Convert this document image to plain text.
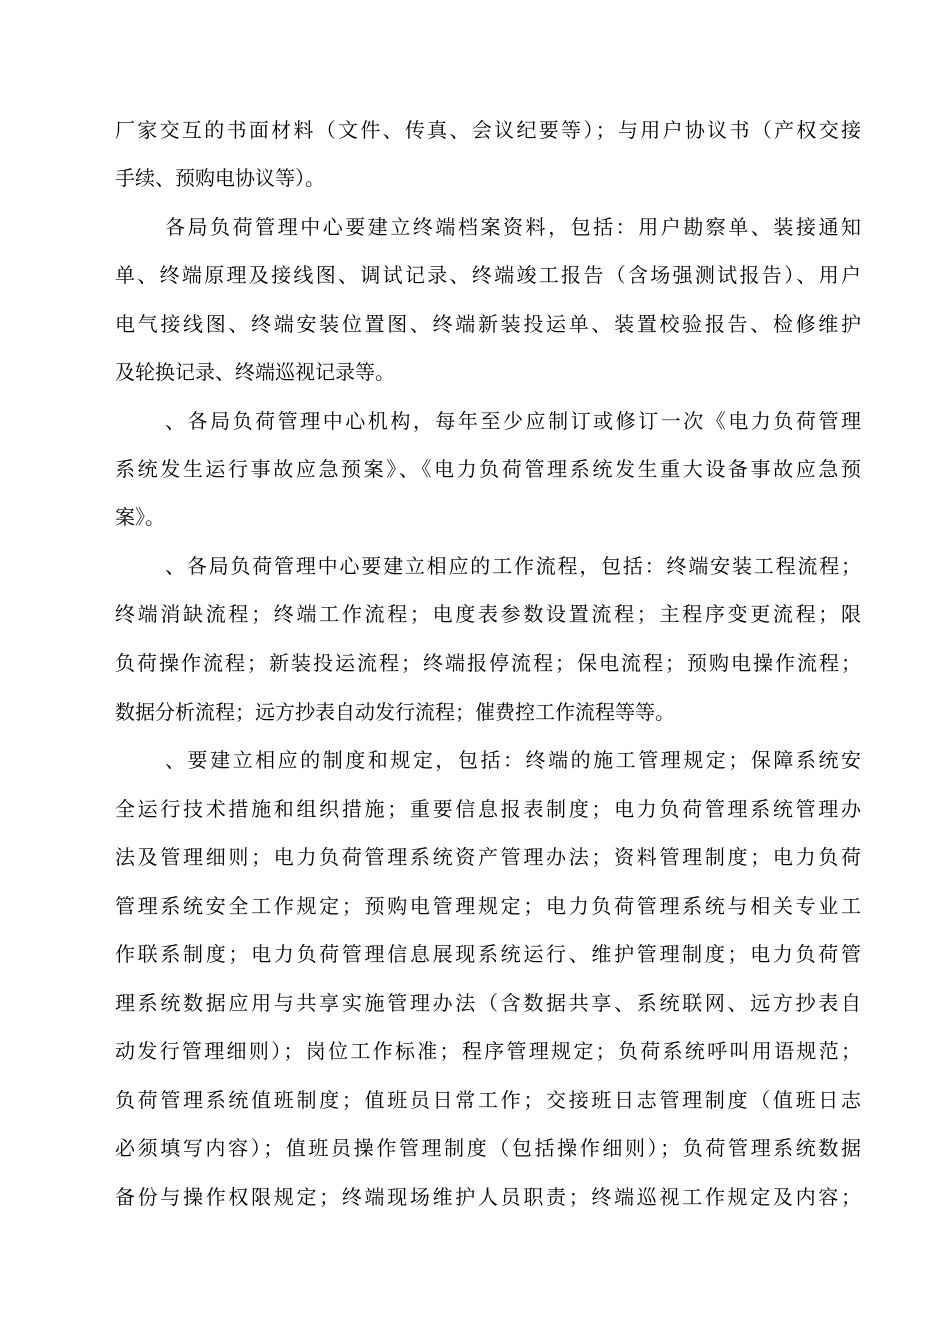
厂家交互的书面材料（文件、传真、会议纪要等）；与用户协议书（产权交接
手续、预购电协议等）。
各局负荷管理中心要建立终端档案资料，包括：用户勘察单、装接通知
单、终端原理及接线图、调试记录、终端竣工报告（含场强测试报告）、用户
电气接线图、终端安装位置图、终端新装投运单、装置校验报告、检修维护
及轮换记录、终端巡视记录等。
、各局负荷管理中心机构，每年至少应制订或修订一次《电力负荷管理
系统发生运行事故应急预案》、《电力负荷管理系统发生重大设备事故应急预
案》。
、各局负荷管理中心要建立相应的工作流程，包括：终端安装工程流程；
终端消缺流程；终端工作流程；电度表参数设置流程；主程序变更流程；限
负荷操作流程；新装投运流程；终端报停流程；保电流程；预购电操作流程；
数据分析流程；远方抄表自动发行流程；催费控工作流程等等。
、要建立相应的制度和规定，包括：终端的施工管理规定；保障系统安
全运行技术措施和组织措施；重要信息报表制度；电力负荷管理系统管理办
法及管理细则；电力负荷管理系统资产管理办法；资料管理制度；电力负荷
管理系统安全工作规定；预购电管理规定；电力负荷管理系统与相关专业工
作联系制度；电力负荷管理信息展现系统运行、维护管理制度；电力负荷管
理系统数据应用与共享实施管理办法（含数据共享、系统联网、远方抄表自
动发行管理细则）；岗位工作标准；程序管理规定；负荷系统呼叫用语规范；
负荷管理系统值班制度；值班员日常工作；交接班日志管理制度（值班日志
必须填写内容）；值班员操作管理制度（包括操作细则）；负荷管理系统数据
备份与操作权限规定；终端现场维护人员职责；终端巡视工作规定及内容；
